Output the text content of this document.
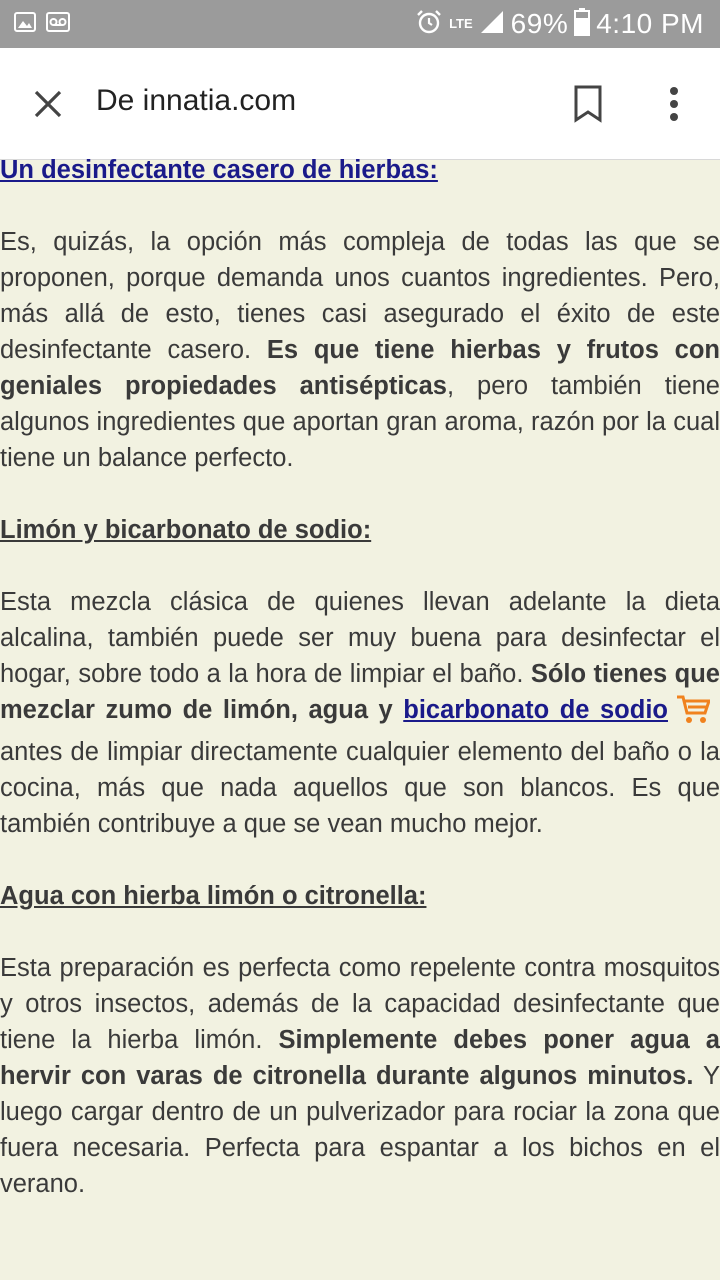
LTE 69% 4:10 PM
De innatia.com

Un desinfectante casero de hierbas:

Es, quizás, la opción más compleja de todas las que se proponen, porque demanda unos cuantos ingredientes. Pero, más allá de esto, tienes casi asegurado el éxito de este desinfectante casero. Es que tiene hierbas y frutos con geniales propiedades antisépticas, pero también tiene algunos ingredientes que aportan gran aroma, razón por la cual tiene un balance perfecto.

Limón y bicarbonato de sodio:

Esta mezcla clásica de quienes llevan adelante la dieta alcalina, también puede ser muy buena para desinfectar el hogar, sobre todo a la hora de limpiar el baño. Sólo tienes que mezclar zumo de limón, agua y bicarbonato de sodio antes de limpiar directamente cualquier elemento del baño o la cocina, más que nada aquellos que son blancos. Es que también contribuye a que se vean mucho mejor.

Agua con hierba limón o citronella:

Esta preparación es perfecta como repelente contra mosquitos y otros insectos, además de la capacidad desinfectante que tiene la hierba limón. Simplemente debes poner agua a hervir con varas de citronella durante algunos minutos. Y luego cargar dentro de un pulverizador para rociar la zona que fuera necesaria. Perfecta para espantar a los bichos en el verano.
